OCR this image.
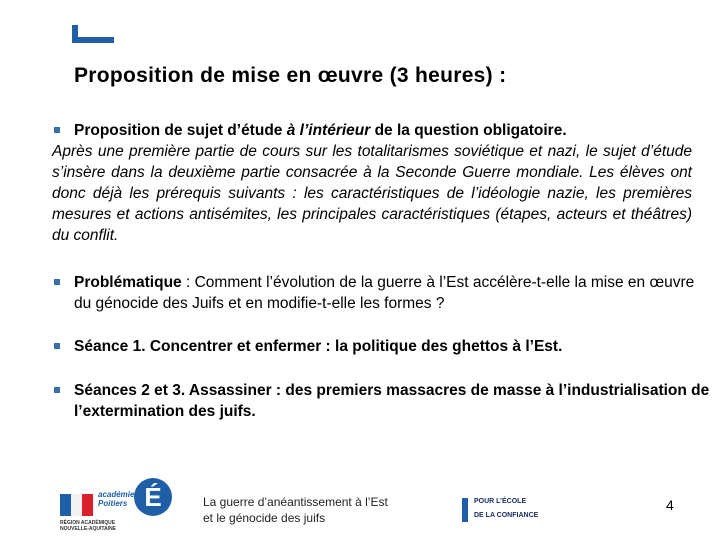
Proposition de mise en œuvre (3 heures) :
Proposition de sujet d’étude à l’intérieur de la question obligatoire.

Après une première partie de cours sur les totalitarismes soviétique et nazi, le sujet d’étude s’insère dans la deuxième partie consacrée à la Seconde Guerre mondiale. Les élèves ont donc déjà les prérequis suivants : les caractéristiques de l’idéologie nazie, les premières mesures et actions antisémites, les principales caractéristiques (étapes, acteurs et théâtres) du conflit.

Problématique : Comment l’évolution de la guerre à l’Est accélère-t-elle la mise en œuvre du génocide des Juifs et en modifie-t-elle les formes ?
Séance 1. Concentrer et enfermer : la politique des ghettos à l’Est.
Séances 2 et 3. Assassiner : des premiers massacres de masse à l’industrialisation de l’extermination des juifs.
académie
Poitiers É
RÉGION ACADÉMIQUE NOUVELLE-AQUITAINE
La guerre d’anéantissement à l’Est
et le génocide des juifs
POUR L’ÉCOLE
DE LA CONFIANCE
4
